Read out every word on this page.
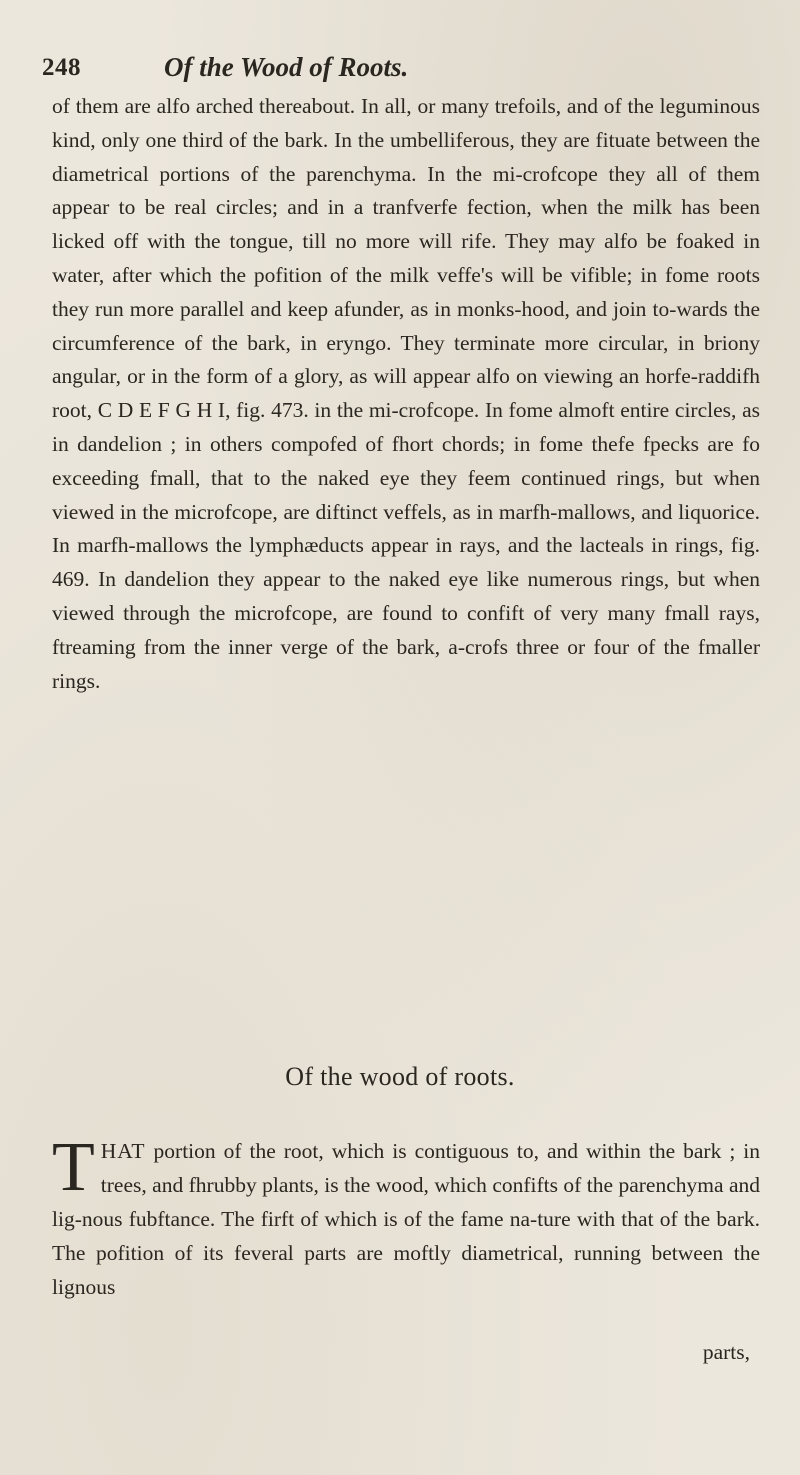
248	Of the Wood of Roots.

of them are alfo arched thereabout. In all, or many trefoils, and of the leguminous kind, only one third of the bark. In the umbelliferous, they are fituate between the diametrical portions of the parenchyma. In the mi-crofcope they all of them appear to be real circles; and in a tranfverfe fection, when the milk has been licked off with the tongue, till no more will rife. They may alfo be foaked in water, after which the pofition of the milk veffe's will be vifible; in fome roots they run more parallel and keep afunder, as in monks-hood, and join to-wards the circumference of the bark, in eryngo. They terminate more circular, in briony angular, or in the form of a glory, as will appear alfo on viewing an horfe-raddifh root, C D E F G H I, fig. 473. in the mi-crofcope. In fome almoft entire circles, as in dandelion ; in others compofed of fhort chords; in fome thefe fpecks are fo exceeding fmall, that to the naked eye they feem continued rings, but when viewed in the microfcope, are diftinct veffels, as in marfh-mallows, and liquorice. In marfh-mallows the lymphæducts appear in rays, and the lacteals in rings, fig. 469. In dandelion they appear to the naked eye like numerous rings, but when viewed through the microfcope, are found to confift of very many fmall rays, ftreaming from the inner verge of the bark, a-crofs three or four of the fmaller rings.

Of the wood of roots.
THAT portion of the root, which is contiguous to, and within the bark ; in trees, and fhrubby plants, is the wood, which confifts of the parenchyma and lig-nous fubftance. The firft of which is of the fame na-ture with that of the bark. The pofition of its feveral parts are moftly diametrical, running between the lignous
parts,
